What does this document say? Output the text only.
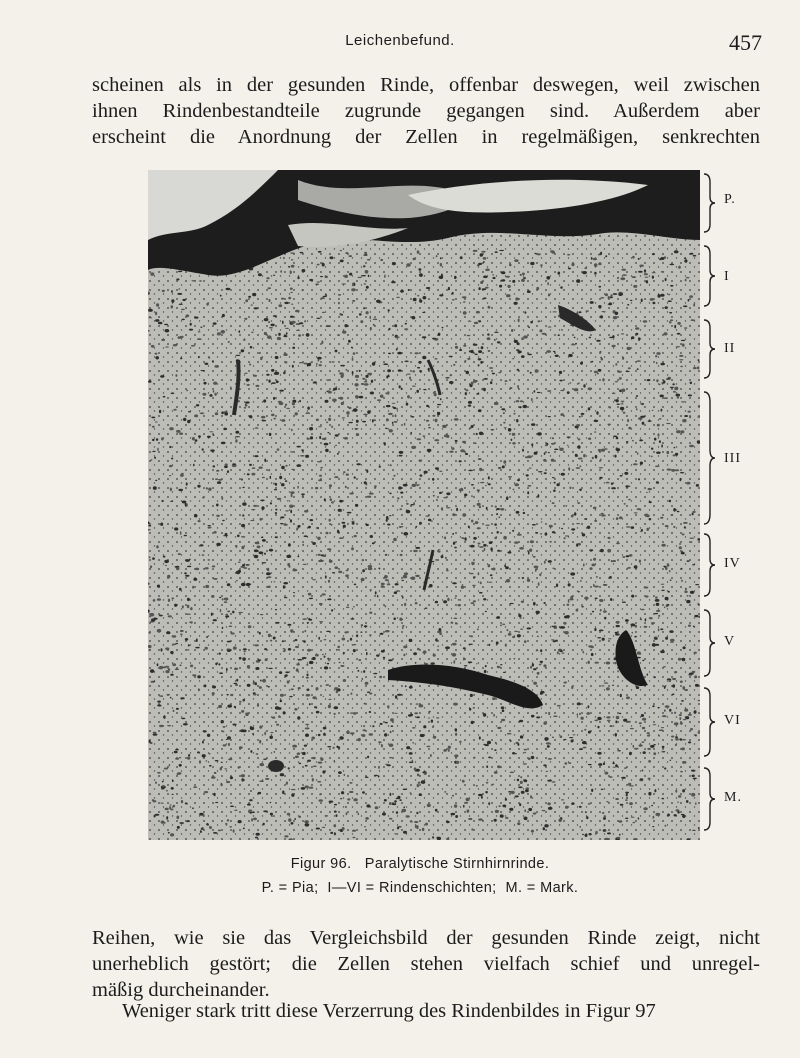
Leichenbefund.	457
scheinen als in der gesunden Rinde, offenbar deswegen, weil zwischen
ihnen Rindenbestandteile zugrunde gegangen sind. Außerdem aber
erscheint die Anordnung der Zellen in regelmäßigen, senkrechten
P.
I
II
III
IV
V
VI
M.
Figur 96.   Paralytische Stirnhirnrinde.
P. = Pia;  I—VI = Rindenschichten;  M. = Mark.
Reihen, wie sie das Vergleichsbild der gesunden Rinde zeigt, nicht
unerheblich gestört; die Zellen stehen vielfach schief und unregel-
mäßig durcheinander.
Weniger stark tritt diese Verzerrung des Rindenbildes in Figur 97
